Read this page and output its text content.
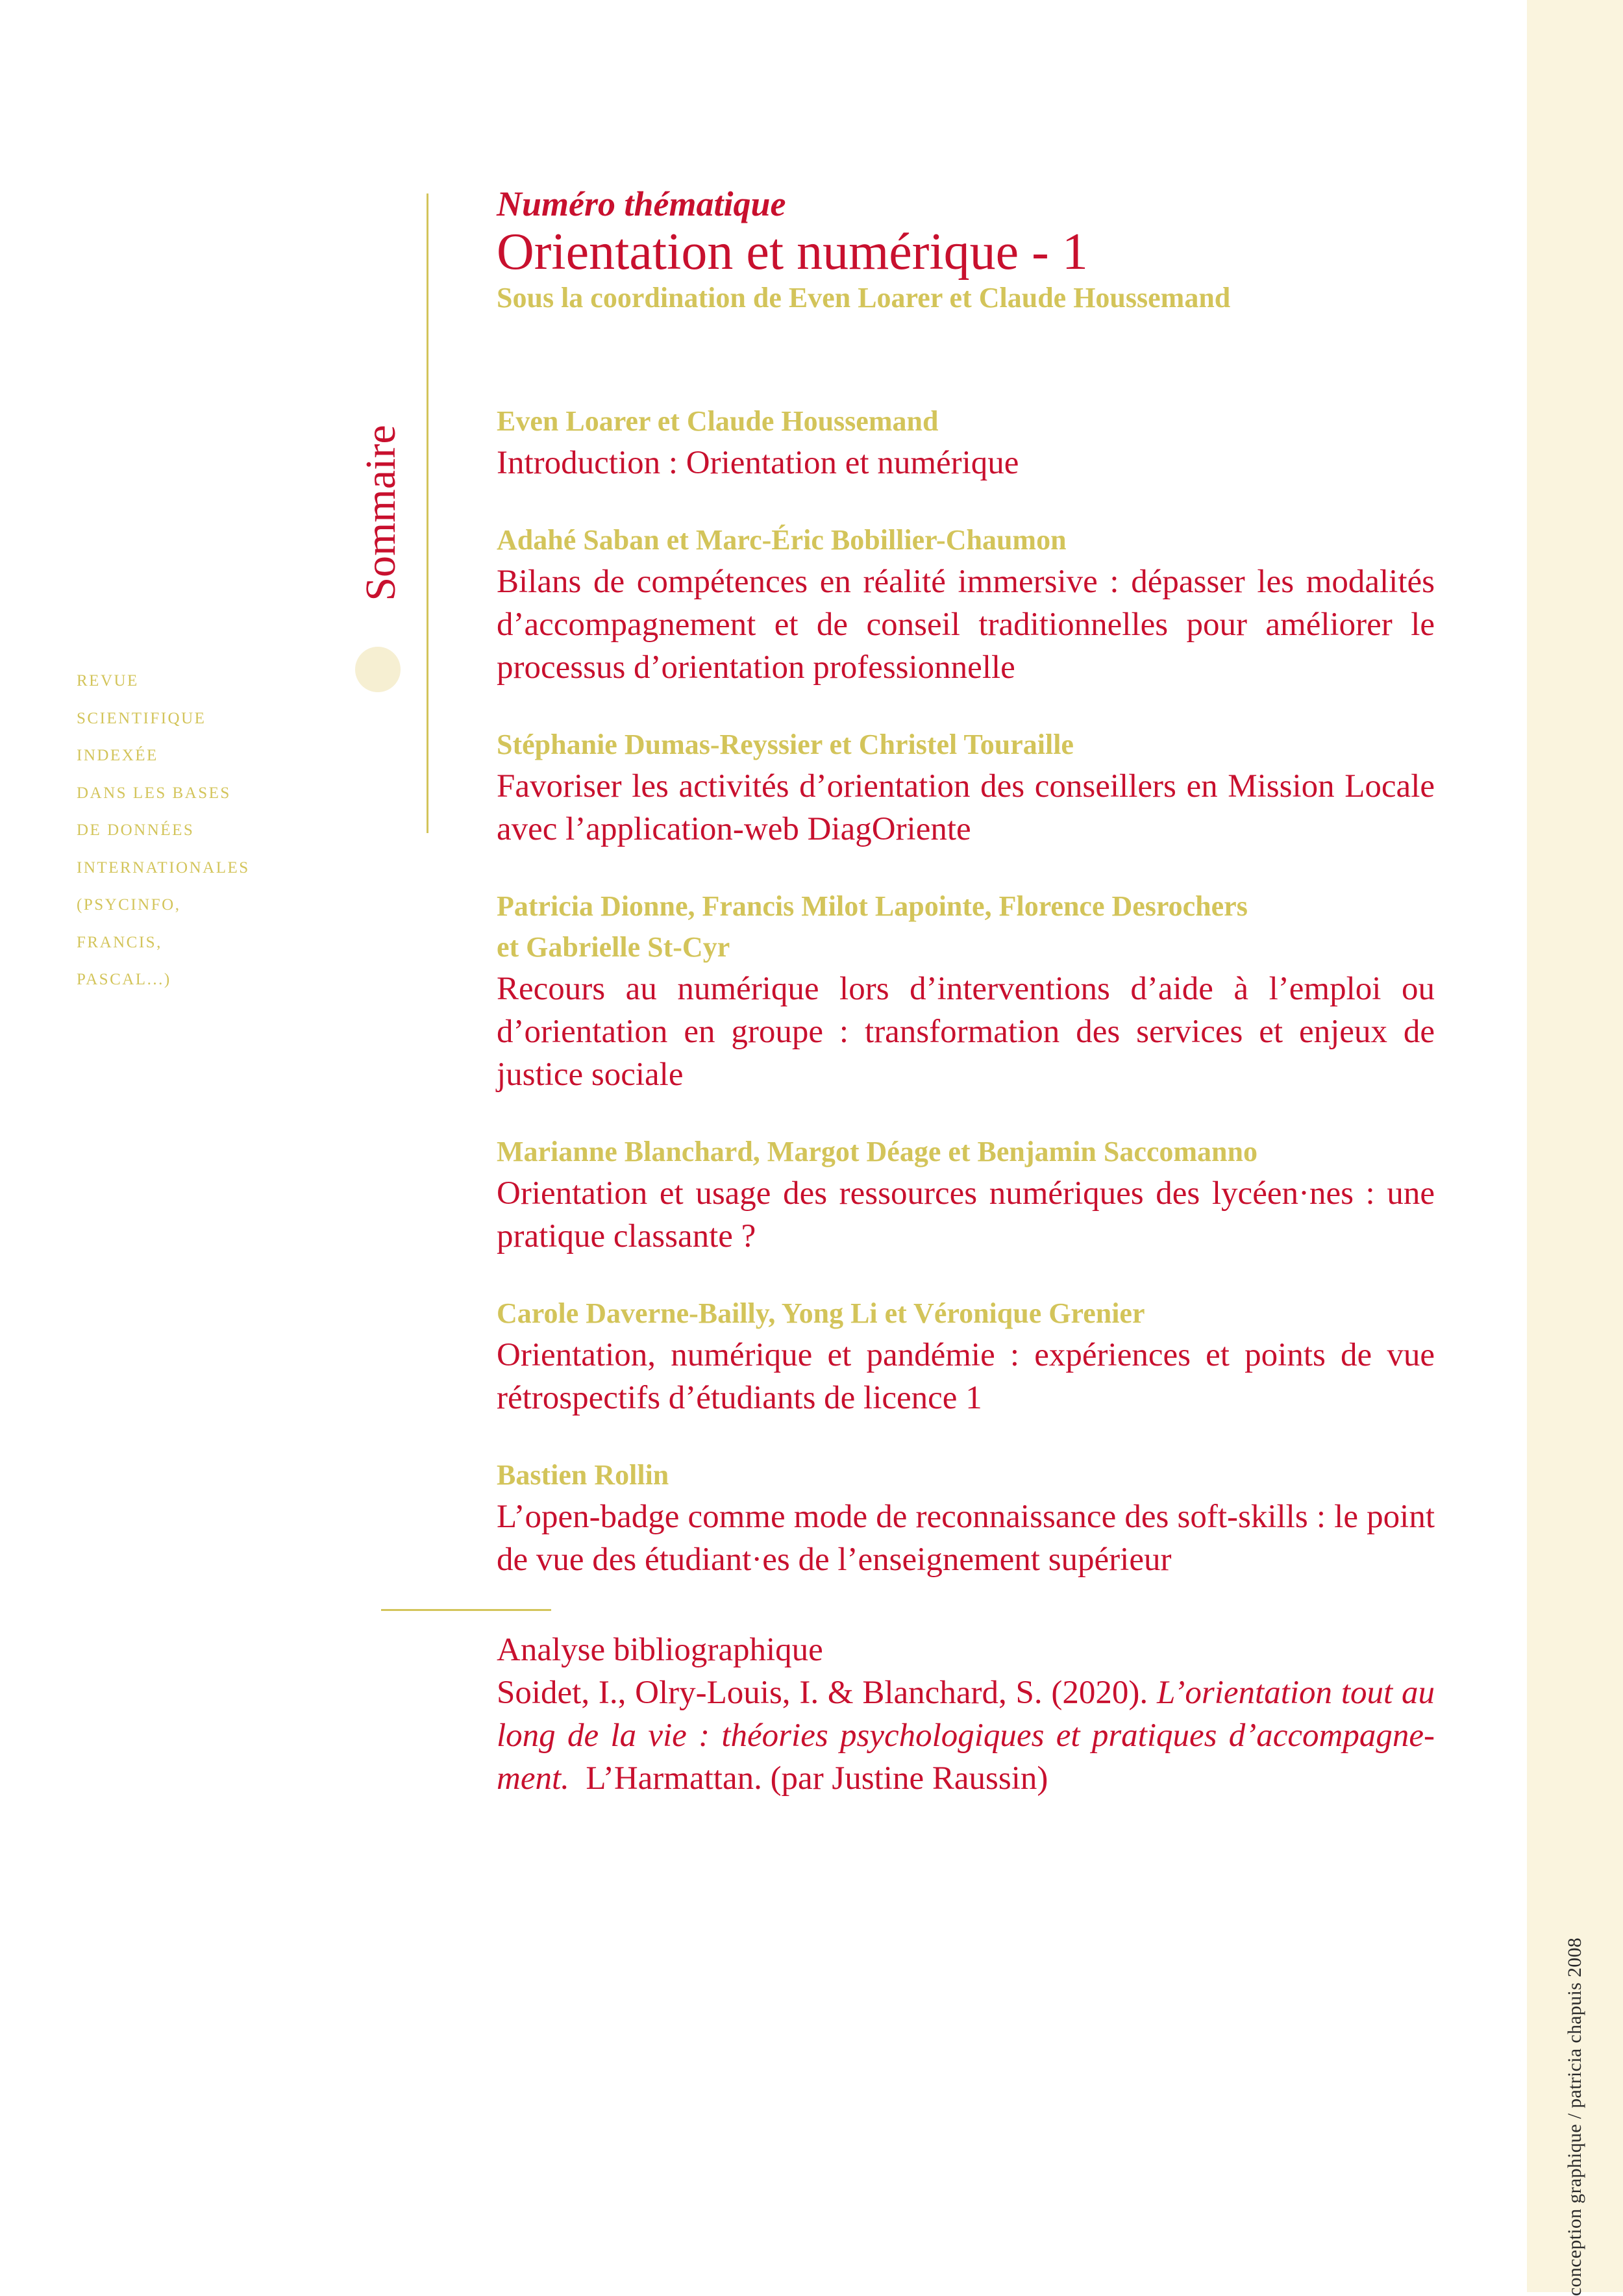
conception graphique / patricia chapuis 2008
Sommaire
REVUE
SCIENTIFIQUE
INDEXÉE
DANS LES BASES
DE DONNÉES
INTERNATIONALES
(PSYCINFO,
FRANCIS,
PASCAL...)

Numéro thématique

Orientation et numérique - 1

Sous la coordination de Even Loarer et Claude Houssemand

Even Loarer et Claude Houssemand

Introduction : Orientation et numérique

Adahé Saban et Marc-Éric Bobillier-Chaumon

Bilans de compétences en réalité immersive : dépasser les modalités d’accompagnement et de conseil traditionnelles pour améliorer le processus d’orientation professionnelle

Stéphanie Dumas-Reyssier et Christel Touraille

Favoriser les activités d’orientation des conseillers en Mission Locale avec l’application-web DiagOriente

Patricia Dionne, Francis Milot Lapointe, Florence Desrochers
et Gabrielle St-Cyr

Recours au numérique lors d’interventions d’aide à l’emploi ou d’orientation en groupe : transformation des services et enjeux de justice sociale

Marianne Blanchard, Margot Déage et Benjamin Saccomanno

Orientation et usage des ressources numériques des lycéen·nes : une pratique classante ?

Carole Daverne-Bailly, Yong Li et Véronique Grenier

Orientation, numérique et pandémie : expériences et points de vue rétrospectifs d’étudiants de licence 1

Bastien Rollin

L’open-badge comme mode de reconnaissance des soft-skills : le point de vue des étudiant·es de l’enseignement supérieur

Analyse bibliographique

Soidet, I., Olry-Louis, I. & Blanchard, S. (2020). L’orientation tout au long de la vie : théories psychologiques et pratiques d’accompagnement. L’Harmattan. (par Justine Raussin)
